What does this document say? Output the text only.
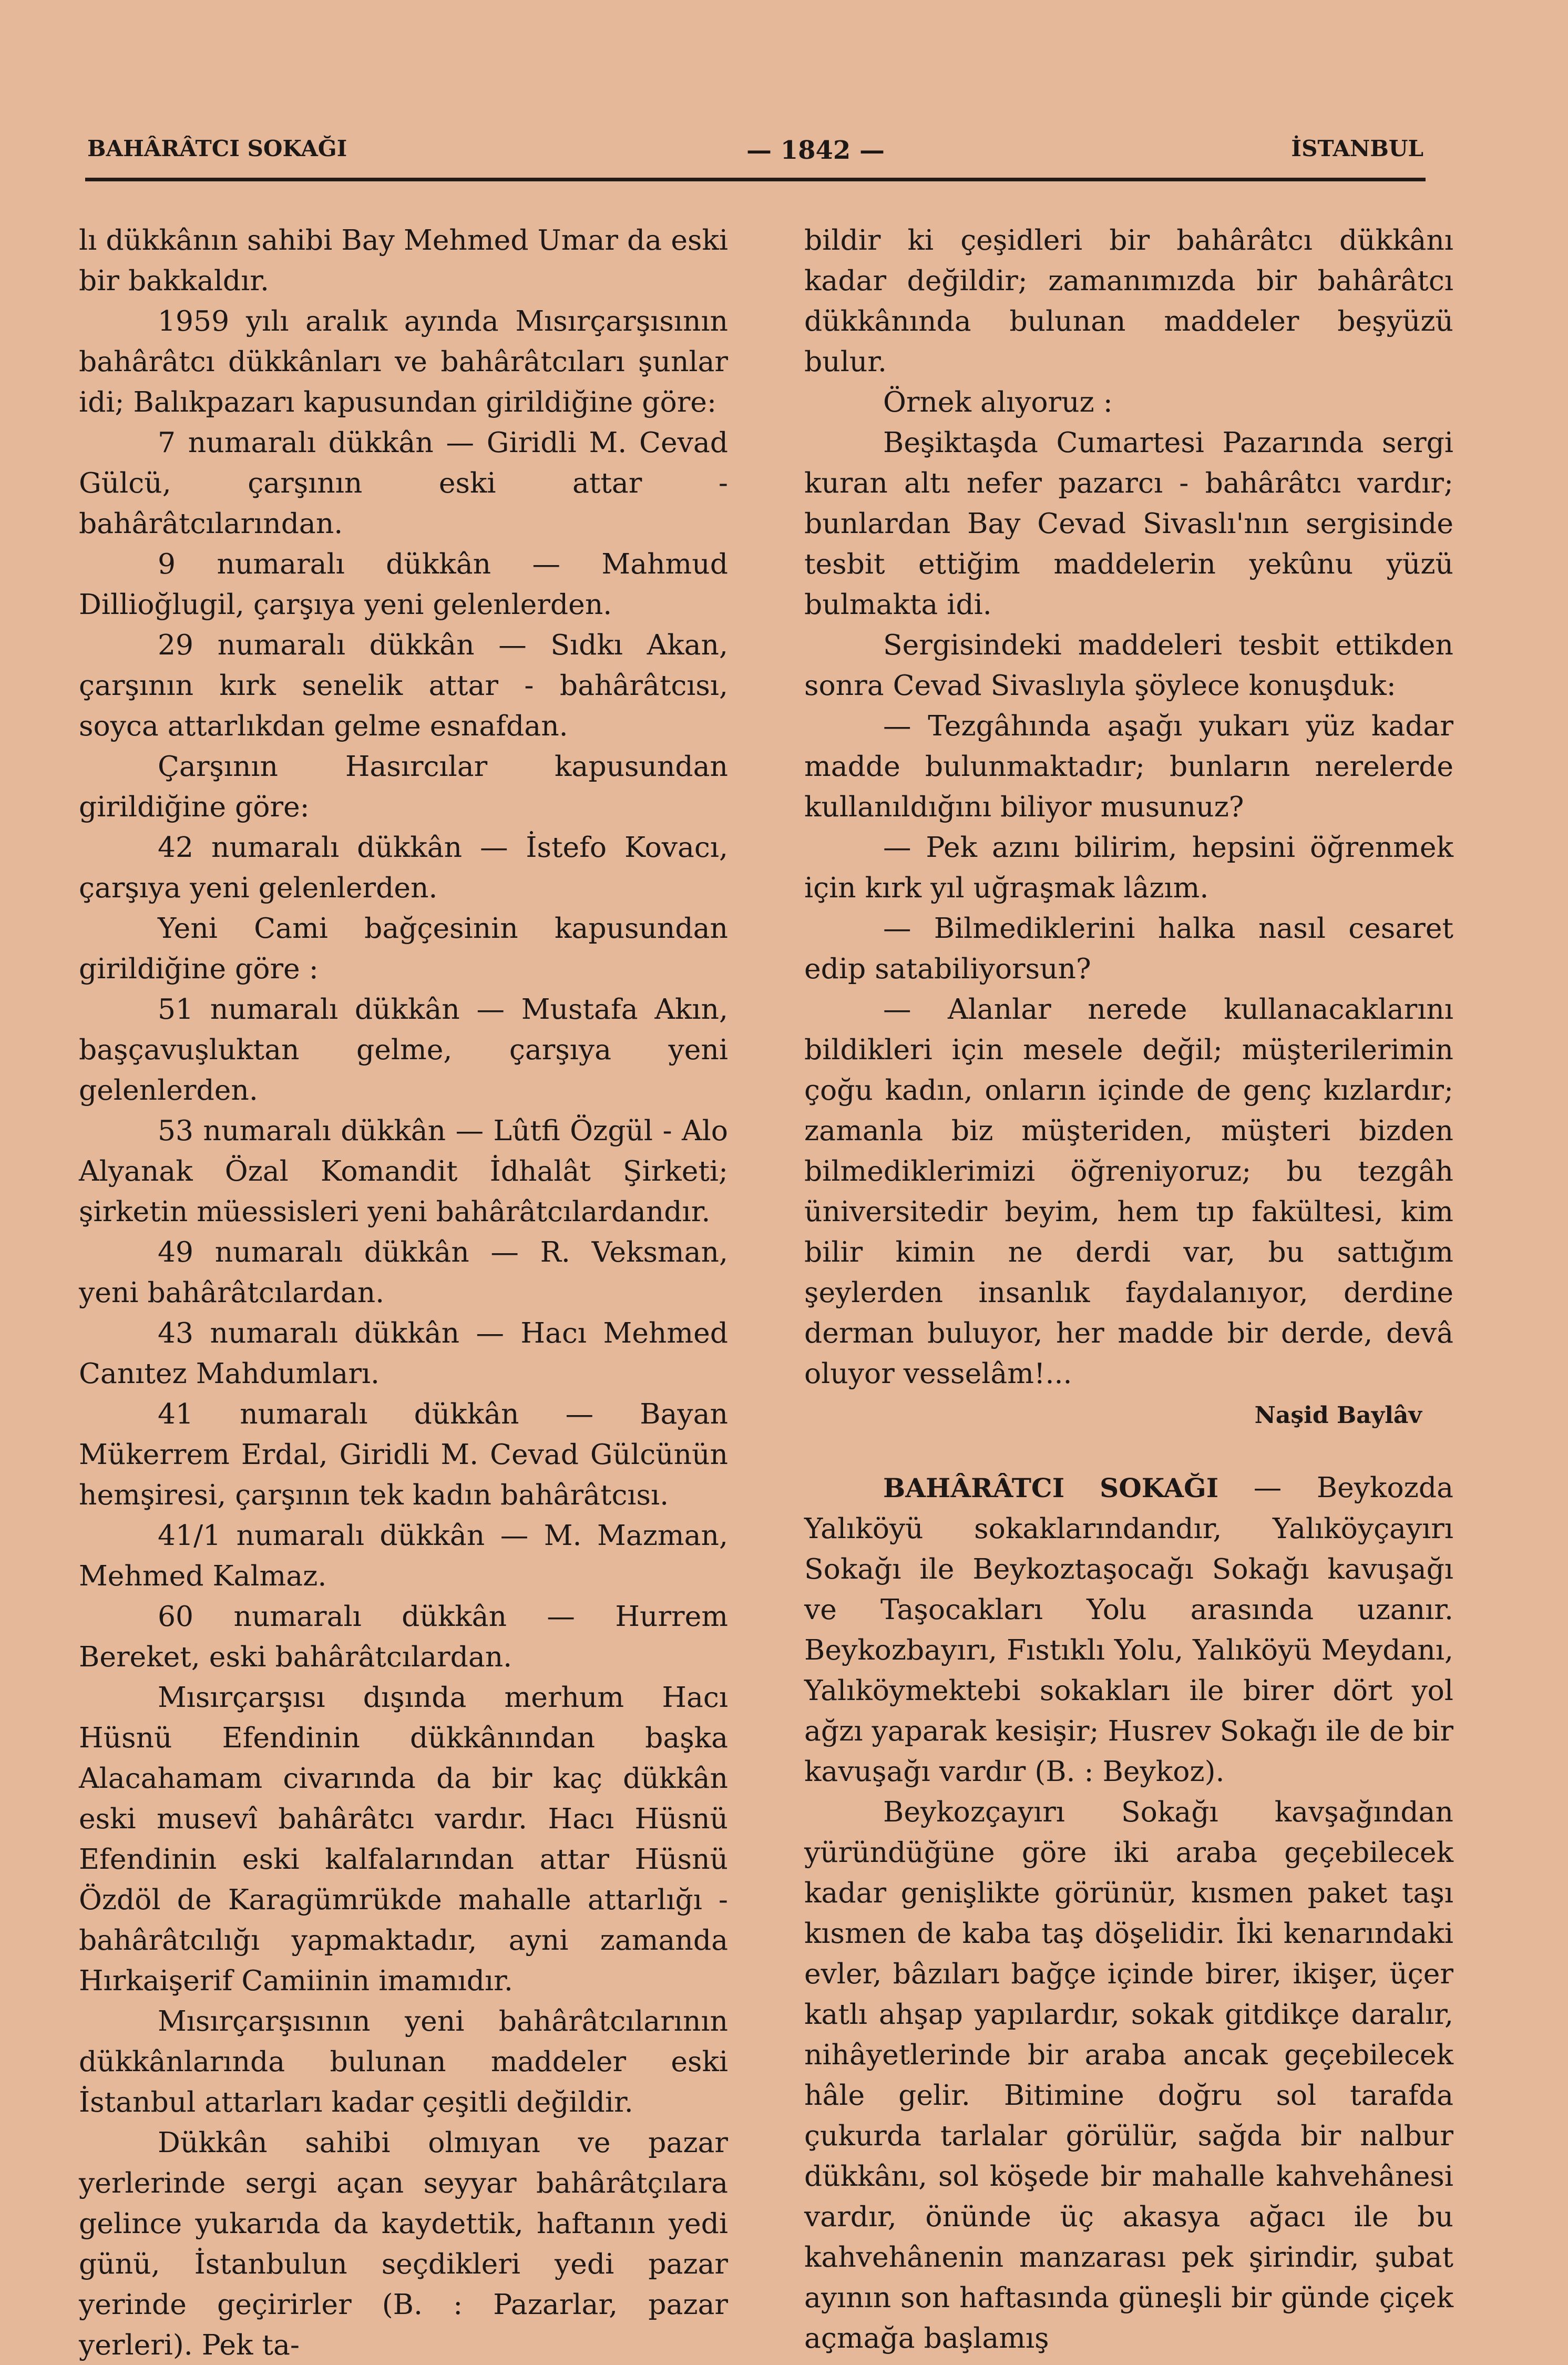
BAHÂRÂTCI SOKAĞI	— 1842 —	İSTANBUL

lı dükkânın sahibi Bay Mehmed Umar da eski bir bakkaldır.

1959 yılı aralık ayında Mısırçarşısının bahârâtcı dükkânları ve bahârâtcıları şunlar idi; Balıkpazarı kapusundan girildiğine göre:

7 numaralı dükkân — Giridli M. Cevad Gülcü, çarşının eski attar - bahârâtcılarından.

9 numaralı dükkân — Mahmud Dillioğlugil, çarşıya yeni gelenlerden.

29 numaralı dükkân — Sıdkı Akan, çarşının kırk senelik attar - bahârâtcısı, soyca attarlıkdan gelme esnafdan.

Çarşının Hasırcılar kapusundan girildiğine göre:

42 numaralı dükkân — İstefo Kovacı, çarşıya yeni gelenlerden.

Yeni Cami bağçesinin kapusundan girildiğine göre :

51 numaralı dükkân — Mustafa Akın, başçavuşluktan gelme, çarşıya yeni gelenlerden.

53 numaralı dükkân — Lûtfi Özgül - Alo Alyanak Özal Komandit İdhalât Şirketi; şirketin müessisleri yeni bahârâtcılardandır.

49 numaralı dükkân — R. Veksman, yeni bahârâtcılardan.

43 numaralı dükkân — Hacı Mehmed Canıtez Mahdumları.

41 numaralı dükkân — Bayan Mükerrem Erdal, Giridli M. Cevad Gülcünün hemşiresi, çarşının tek kadın bahârâtcısı.

41/1 numaralı dükkân — M. Mazman, Mehmed Kalmaz.

60 numaralı dükkân — Hurrem Bereket, eski bahârâtcılardan.

Mısırçarşısı dışında merhum Hacı Hüsnü Efendinin dükkânından başka Alacahamam civarında da bir kaç dükkân eski musevî bahârâtcı vardır. Hacı Hüsnü Efendinin eski kalfalarından attar Hüsnü Özdöl de Karagümrükde mahalle attarlığı - bahârâtcılığı yapmaktadır, ayni zamanda Hırkaişerif Camiinin imamıdır.

Mısırçarşısının yeni bahârâtcılarının dükkânlarında bulunan maddeler eski İstanbul attarları kadar çeşitli değildir.

Dükkân sahibi olmıyan ve pazar yerlerinde sergi açan seyyar bahârâtçılara gelince yukarıda da kaydettik, haftanın yedi günü, İstanbulun seçdikleri yedi pazar yerinde geçirirler (B. : Pazarlar, pazar yerleri). Pek ta-

bildir ki çeşidleri bir bahârâtcı dükkânı kadar değildir; zamanımızda bir bahârâtcı dükkânında bulunan maddeler beşyüzü bulur.

Örnek alıyoruz :

Beşiktaşda Cumartesi Pazarında sergi kuran altı nefer pazarcı - bahârâtcı vardır; bunlardan Bay Cevad Sivaslı'nın sergisinde tesbit ettiğim maddelerin yekûnu yüzü bulmakta idi.

Sergisindeki maddeleri tesbit ettikden sonra Cevad Sivaslıyla şöylece konuşduk:

— Tezgâhında aşağı yukarı yüz kadar madde bulunmaktadır; bunların nerelerde kullanıldığını biliyor musunuz?

— Pek azını bilirim, hepsini öğrenmek için kırk yıl uğraşmak lâzım.

— Bilmediklerini halka nasıl cesaret edip satabiliyorsun?

— Alanlar nerede kullanacaklarını bildikleri için mesele değil; müşterilerimin çoğu kadın, onların içinde de genç kızlardır; zamanla biz müşteriden, müşteri bizden bilmediklerimizi öğreniyoruz; bu tezgâh üniversitedir beyim, hem tıp fakültesi, kim bilir kimin ne derdi var, bu sattığım şeylerden insanlık faydalanıyor, derdine derman buluyor, her madde bir derde, devâ oluyor vesselâm!...

Naşid Baylâv

BAHÂRÂTCI SOKAĞI — Beykozda Yalıköyü sokaklarındandır, Yalıköyçayırı Sokağı ile Beykoztaşocağı Sokağı kavuşağı ve Taşocakları Yolu arasında uzanır. Beykozbayırı, Fıstıklı Yolu, Yalıköyü Meydanı, Yalıköymektebi sokakları ile birer dört yol ağzı yaparak kesişir; Husrev Sokağı ile de bir kavuşağı vardır (B. : Beykoz).

Beykozçayırı Sokağı kavşağından yüründüğüne göre iki araba geçebilecek kadar genişlikte görünür, kısmen paket taşı kısmen de kaba taş döşelidir. İki kenarındaki evler, bâzıları bağçe içinde birer, ikişer, üçer katlı ahşap yapılardır, sokak gitdikçe daralır, nihâyetlerinde bir araba ancak geçebilecek hâle gelir. Bitimine doğru sol tarafda çukurda tarlalar görülür, sağda bir nalbur dükkânı, sol köşede bir mahalle kahvehânesi vardır, önünde üç akasya ağacı ile bu kahvehânenin manzarası pek şirindir, şubat ayının son haftasında güneşli bir günde çiçek açmağa başlamış
